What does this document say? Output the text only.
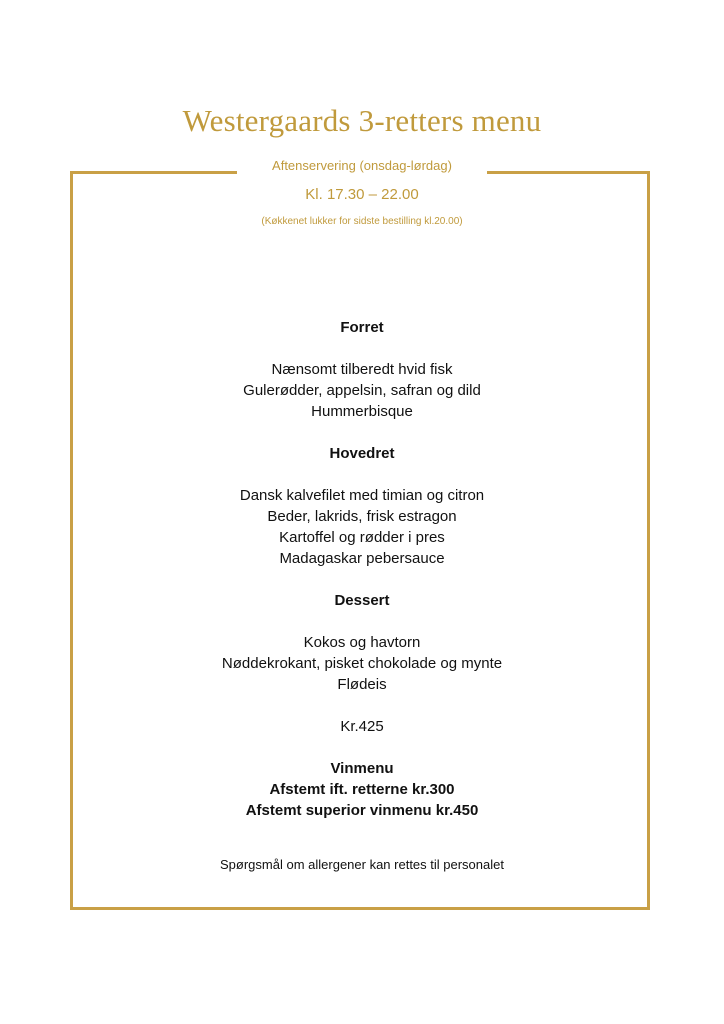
Westergaards 3-retters menu
Aftenservering (onsdag-lørdag)
Kl. 17.30 – 22.00
(Køkkenet lukker for sidste bestilling kl.20.00)
Forret
Nænsomt tilberedt hvid fisk
Gulerødder, appelsin, safran og dild
Hummerbisque
Hovedret
Dansk kalvefilet med timian og citron
Beder, lakrids, frisk estragon
Kartoffel og rødder i pres
Madagaskar pebersauce
Dessert
Kokos og havtorn
Nøddekrokant, pisket chokolade og mynte
Flødeis
Kr.425
Vinmenu
Afstemt ift. retterne kr.300
Afstemt superior vinmenu kr.450
Spørgsmål om allergener kan rettes til personalet
